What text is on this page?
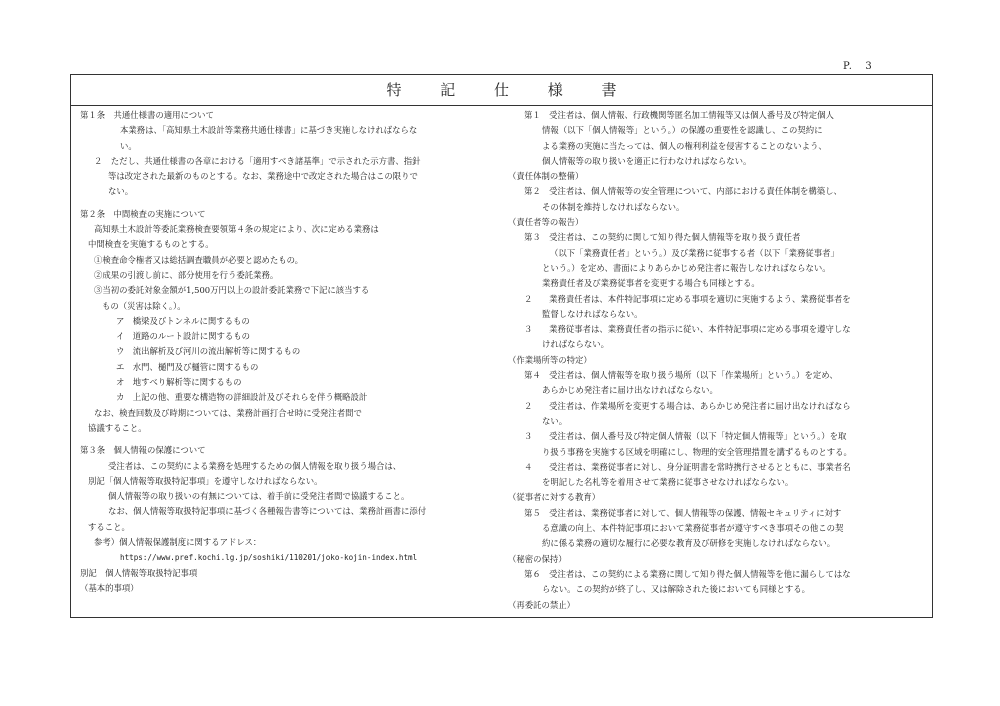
P.   3
特 記 仕 様 書
第１条　共通仕様書の適用について
本業務は、「高知県土木設計等業務共通仕様書」に基づき実施しなければならな
い。
２　ただし、共通仕様書の各章における「適用すべき諸基準」で示された示方書、指針
等は改定された最新のものとする。なお、業務途中で改定された場合はこの限りで
ない。
第２条　中間検査の実施について
高知県土木設計等委託業務検査要領第４条の規定により、次に定める業務は
中間検査を実施するものとする。
①検査命令権者又は総括調査職員が必要と認めたもの。
②成果の引渡し前に、部分使用を行う委託業務。
③当初の委託対象金額が1,500万円以上の設計委託業務で下記に該当する
もの（災害は除く。）。
ア　橋梁及びトンネルに関するもの
イ　道路のルート設計に関するもの
ウ　流出解析及び河川の流出解析等に関するもの
エ　水門、樋門及び樋管に関するもの
オ　地すべり解析等に関するもの
カ　上記の他、重要な構造物の詳細設計及びそれらを伴う概略設計
なお、検査回数及び時期については、業務計画打合せ時に受発注者間で
協議すること。
第３条　個人情報の保護について
受注者は、この契約による業務を処理するための個人情報を取り扱う場合は、
別記「個人情報等取扱特記事項」を遵守しなければならない。
個人情報等の取り扱いの有無については、着手前に受発注者間で協議すること。
なお、個人情報等取扱特記事項に基づく各種報告書等については、業務計画書に添付
すること。
参考）個人情報保護制度に関するアドレス：
https://www.pref.kochi.lg.jp/soshiki/110201/joko-kojin-index.html
別記　個人情報等取扱特記事項
（基本的事項）
第１　受注者は、個人情報、行政機関等匿名加工情報等又は個人番号及び特定個人
情報（以下「個人情報等」という。）の保護の重要性を認識し、この契約に
よる業務の実施に当たっては、個人の権利利益を侵害することのないよう、
個人情報等の取り扱いを適正に行わなければならない。
（責任体制の整備）
第２　受注者は、個人情報等の安全管理について、内部における責任体制を構築し、
その体制を維持しなければならない。
（責任者等の報告）
第３　受注者は、この契約に関して知り得た個人情報等を取り扱う責任者
（以下「業務責任者」という。）及び業務に従事する者（以下「業務従事者」
という。）を定め、書面によりあらかじめ発注者に報告しなければならない。
業務責任者及び業務従事者を変更する場合も同様とする。
２　　業務責任者は、本件特記事項に定める事項を適切に実施するよう、業務従事者を
監督しなければならない。
３　　業務従事者は、業務責任者の指示に従い、本件特記事項に定める事項を遵守しな
ければならない。
（作業場所等の特定）
第４　受注者は、個人情報等を取り扱う場所（以下「作業場所」という。）を定め、
あらかじめ発注者に届け出なければならない。
２　　受注者は、作業場所を変更する場合は、あらかじめ発注者に届け出なければなら
ない。
３　　受注者は、個人番号及び特定個人情報（以下「特定個人情報等」という。）を取
り扱う事務を実施する区域を明確にし、物理的安全管理措置を講ずるものとする。
４　　受注者は、業務従事者に対し、身分証明書を常時携行させるとともに、事業者名
を明記した名札等を着用させて業務に従事させなければならない。
（従事者に対する教育）
第５　受注者は、業務従事者に対して、個人情報等の保護、情報セキュリティに対す
る意識の向上、本件特記事項において業務従事者が遵守すべき事項その他この契
約に係る業務の適切な履行に必要な教育及び研修を実施しなければならない。
（秘密の保持）
第６　受注者は、この契約による業務に関して知り得た個人情報等を他に漏らしてはな
らない。この契約が終了し、又は解除された後においても同様とする。
（再委託の禁止）
